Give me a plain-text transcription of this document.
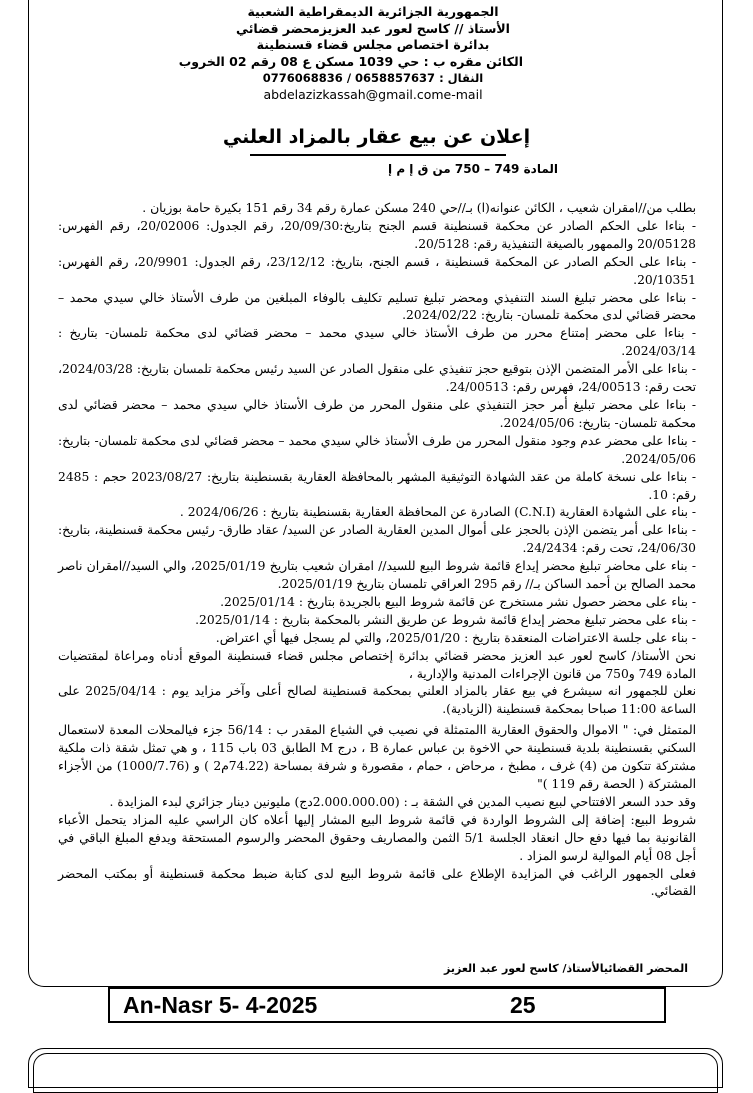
الجمهورية الجزائرية الديمقراطية الشعبية
الأستاذ // كاسح لعور عبد العزيزمحضر قضائي
بدائرة اختصاص مجلس قضاء قسنطينة
الكائن مقره ب : حي 1039 مسكن ع 08 رقم 02 الخروب
النقال : 0658857637 / 0776068836
abdelazizkassah@gmail.come-mail
إعلان عن بيع عقار بالمزاد العلني
المادة 749 – 750 من ق إ م إ

بطلب من//امقران شعيب ، الكائن عنوانه(ا) بـ//حي 240 مسكن عمارة رقم 34 رقم 151 بكيرة حامة بوزيان .

- بناءا على الحكم الصادر عن محكمة قسنطينة قسم الجنح بتاريخ:20/09/30، رقم الجدول: 20/02006، رقم الفهرس: 20/05128 والممهور بالصيغة التنفيذية رقم: 20/5128.

- بناءا على الحكم الصادر عن المحكمة قسنطينة ، قسم الجنح، بتاريخ: 23/12/12، رقم الجدول: 20/9901، رقم الفهرس: 20/10351.

- بناءا على محضر تبليغ السند التنفيذي ومحضر تبليغ تسليم تكليف بالوفاء المبلغين من طرف الأستاذ خالي سيدي محمد – محضر قضائي لدى محكمة تلمسان- بتاريخ: 2024/02/22.

- بناءا على محضر إمتناع محرر من طرف الأستاذ خالي سيدي محمد – محضر قضائي لدى محكمة تلمسان- بتاريخ : 2024/03/14.

- بناءا على الأمر المتضمن الإذن بتوقيع حجز تنفيذي على منقول الصادر عن السيد رئيس محكمة تلمسان بتاريخ: 2024/03/28، تحت رقم: 24/00513، فهرس رقم: 24/00513.

- بناءا على محضر تبليغ أمر حجز التنفيذي على منقول المحرر من طرف الأستاذ خالي سيدي محمد – محضر قضائي لدى محكمة تلمسان- بتاريخ: 2024/05/06.

- بناءا على محضر عدم وجود منقول المحرر من طرف الأستاذ خالي سيدي محمد – محضر قضائي لدى محكمة تلمسان- بتاريخ: 2024/05/06.

- بناءا على نسخة كاملة من عقد الشهادة التوثيقية المشهر بالمحافظة العقارية بقسنطينة بتاريخ: 2023/08/27 حجم : 2485 رقم: 10.

- بناء على الشهادة العقارية (C.N.I) الصادرة عن المحافظة العقارية بقسنطينة بتاريخ : 2024/06/26 .

- بناءا على أمر يتضمن الإذن بالحجز على أموال المدين العقارية الصادر عن السيد/ عقاد طارق- رئيس محكمة قسنطينة، بتاريخ: 24/06/30، تحت رقم: 24/2434.

- بناء على محاضر تبليغ محضر إيداع قائمة شروط البيع للسيد// امقران شعيب بتاريخ 2025/01/19، والي السيد//امقران ناصر محمد الصالح بن أحمد الساكن بـ// رقم 295 العراقي تلمسان بتاريخ 2025/01/19.

- بناء على محضر حصول نشر مستخرج عن قائمة شروط البيع بالجريدة بتاريخ : 2025/01/14.

- بناء على محضر تبليغ محضر إيداع قائمة شروط عن طريق النشر بالمحكمة بتاريخ : 2025/01/14.

- بناء على جلسة الاعتراضات المنعقدة بتاريخ : 2025/01/20، والتي لم يسجل فيها أي اعتراض.

نحن الأستاذ/ كاسح لعور عبد العزيز محضر قضائي بدائرة إختصاص مجلس قضاء قسنطينة الموقع أدناه ومراعاة لمقتضيات المادة 749 و750 من قانون الإجراءات المدنية والإدارية ،

نعلن للجمهور انه سيشرع في بيع عقار بالمزاد العلني بمحكمة قسنطينة لصالح أعلى وآخر مزايد يوم : 2025/04/14 على الساعة 11:00 صباحا بمحكمة قسنطينة (الزيادية).

المتمثل في: " الاموال والحقوق العقارية االمتمثلة في نصيب في الشياع المقدر ب : 56/14 جزء فيالمحلات المعدة لاستعمال السكني بقسنطينة بلدية قسنطينة حي الاخوة بن عباس عمارة B ، درج M الطابق 03 باب 115 ، و هي تمثل شقة ذات ملكية مشتركة تتكون من (4) غرف ، مطبخ ، مرحاض ، حمام ، مقصورة و شرفة بمساحة (74.22م2 ) و (1000/7.76) من الأجزاء المشتركة ( الحصة رقم 119 )"

وقد حدد السعر الافتتاحي لبيع نصيب المدين في الشقة بـ : (2.000.000.00دج) مليونين دينار جزائري لبدء المزايدة .

شروط البيع: إضافة إلى الشروط الواردة في قائمة شروط البيع المشار إليها أعلاه كان الراسي عليه المزاد يتحمل الأعباء القانونية بما فيها دفع حال انعقاد الجلسة 5/1 الثمن والمصاريف وحقوق المحضر والرسوم المستحقة ويدفع المبلغ الباقي في أجل 08 أيام الموالية لرسو المزاد .

فعلى الجمهور الراغب في المزايدة الإطلاع على قائمة شروط البيع لدى كتابة ضبط محكمة قسنطينة أو بمكتب المحضر القضائي.

المحضر القضائيالأستاذ/ كاسح لعور عبد العزيز
An-Nasr 5- 4-2025	25
